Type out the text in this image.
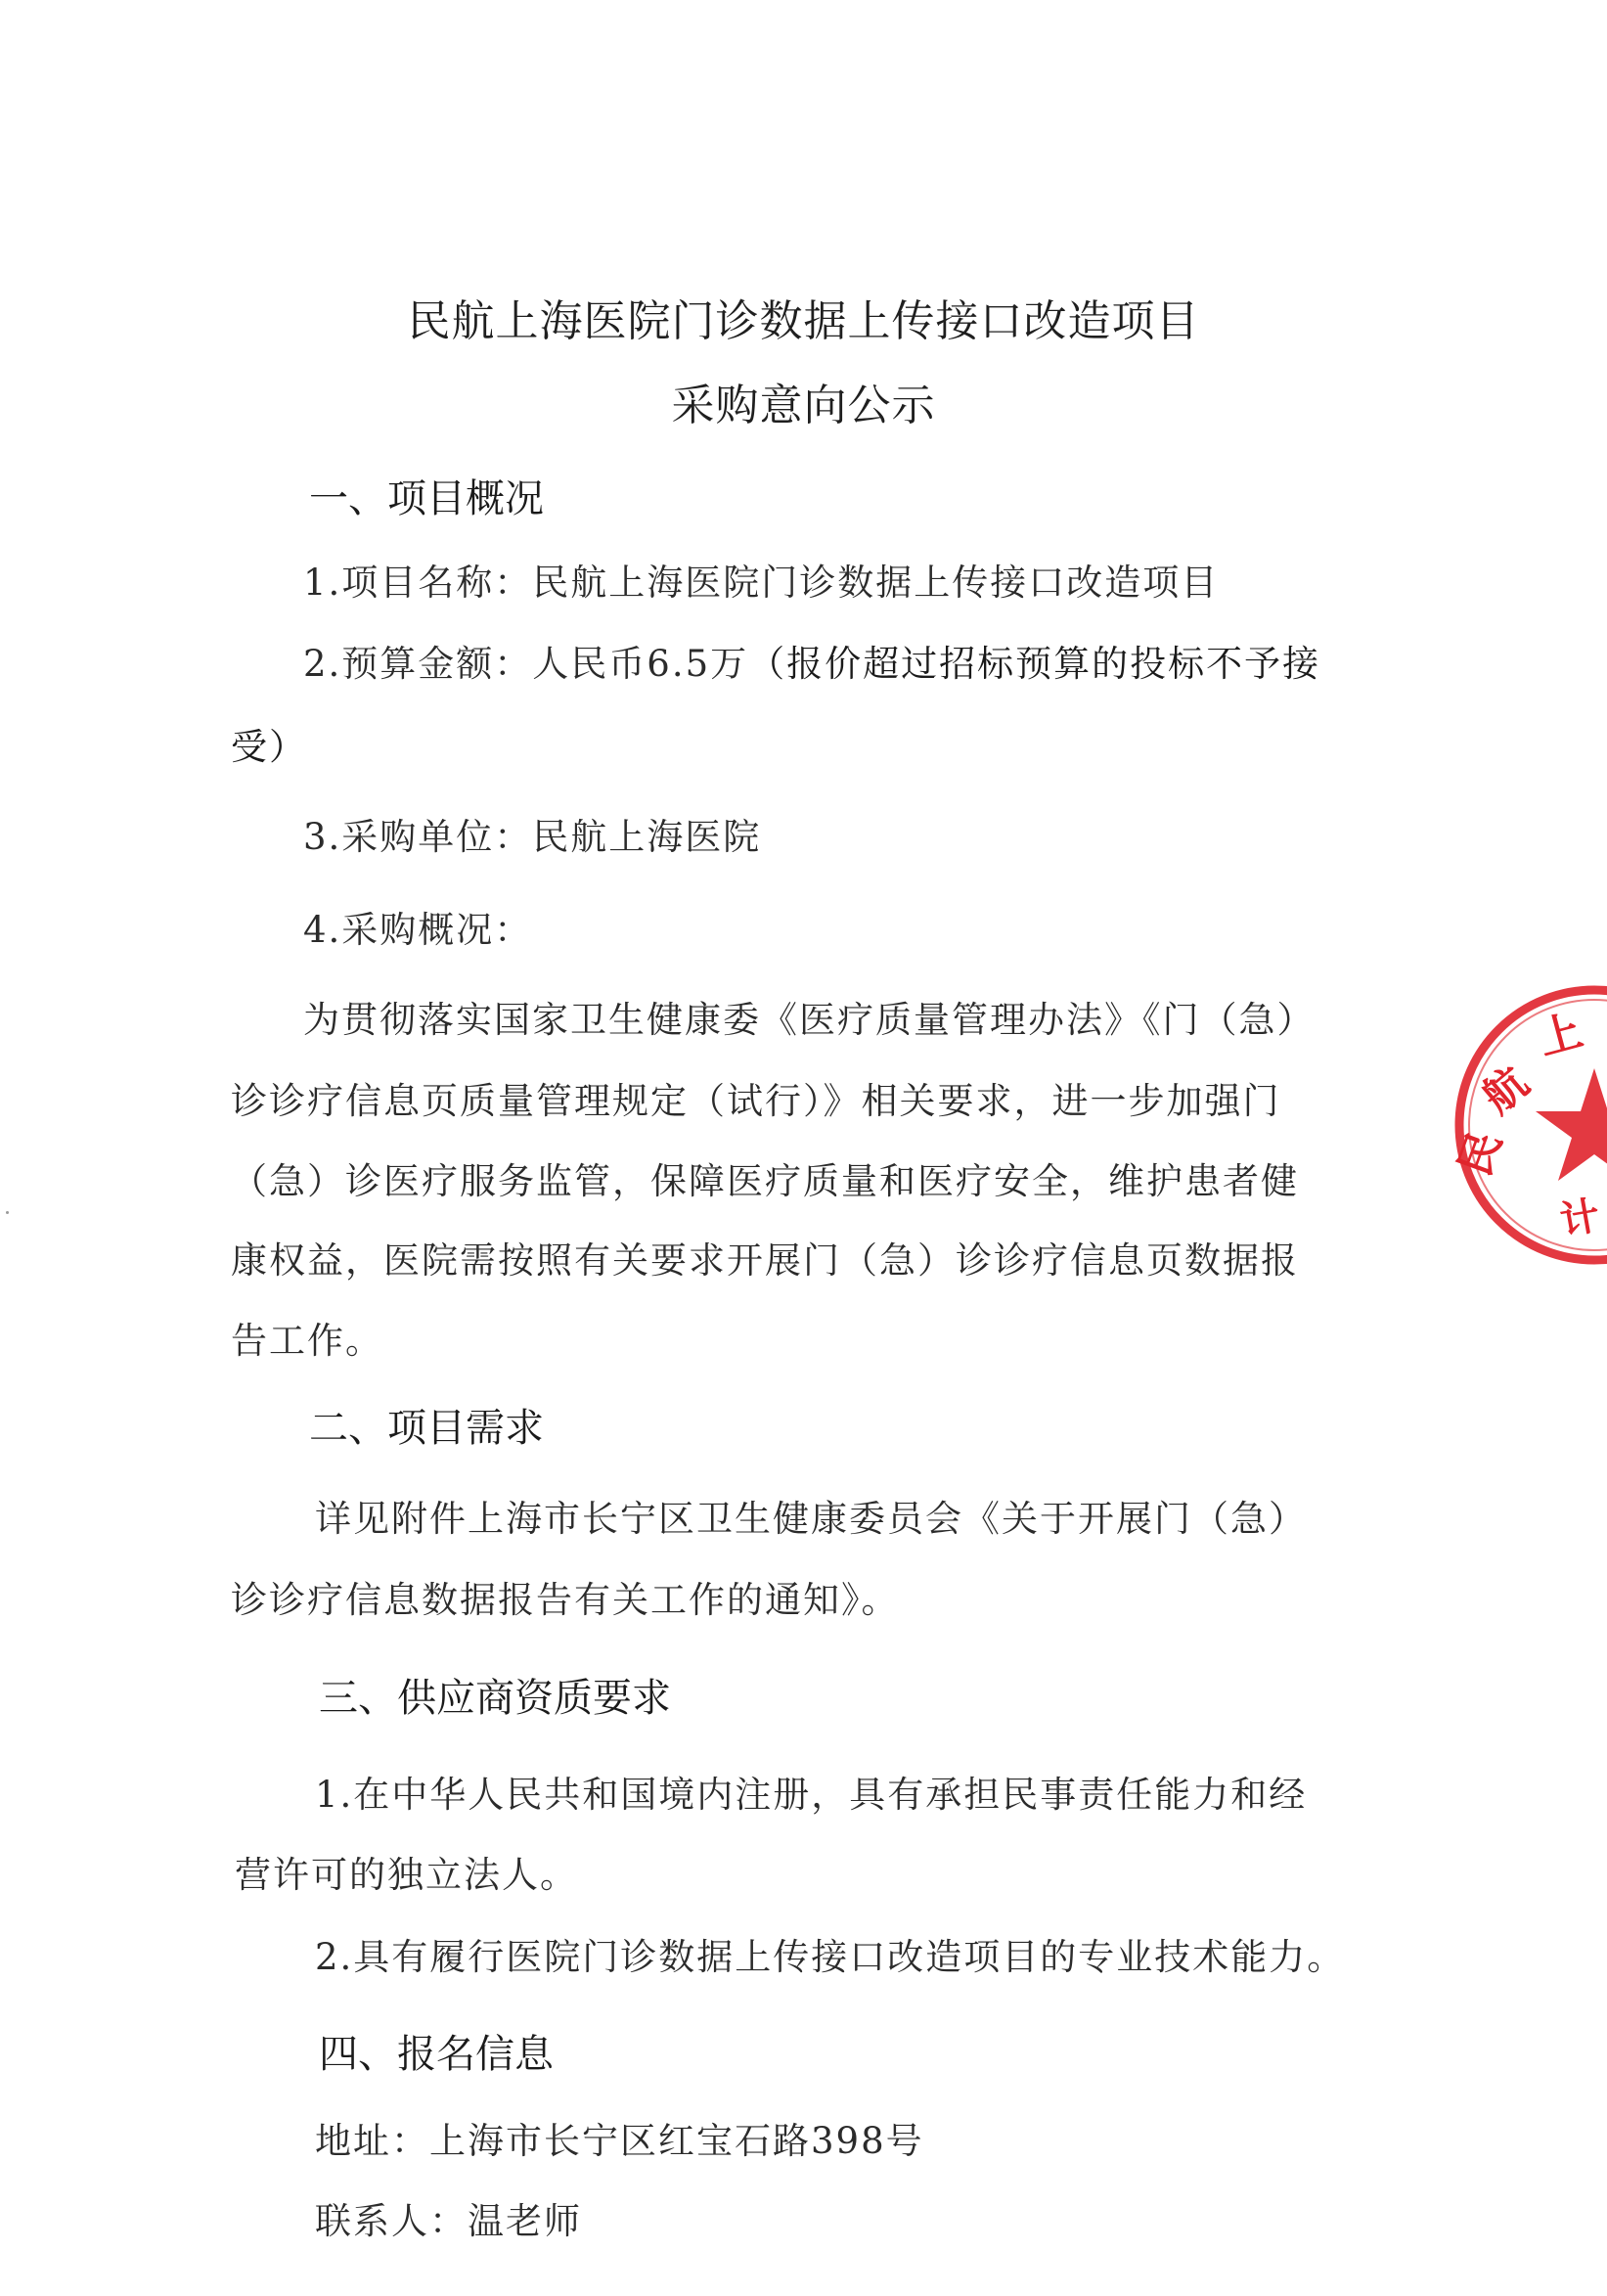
民航上海医院门诊数据上传接口改造项目
采购意向公示
一、项目概况
1.项目名称：民航上海医院门诊数据上传接口改造项目
2.预算金额：人民币6.5万（报价超过招标预算的投标不予接
受）
3.采购单位：民航上海医院
4.采购概况：
为贯彻落实国家卫生健康委《医疗质量管理办法》《门（急）
诊诊疗信息页质量管理规定（试行）》相关要求，进一步加强门
（急）诊医疗服务监管，保障医疗质量和医疗安全，维护患者健
康权益，医院需按照有关要求开展门（急）诊诊疗信息页数据报
告工作。
二、项目需求
详见附件上海市长宁区卫生健康委员会《关于开展门（急）
诊诊疗信息数据报告有关工作的通知》。
三、供应商资质要求
1.在中华人民共和国境内注册，具有承担民事责任能力和经
营许可的独立法人。
2.具有履行医院门诊数据上传接口改造项目的专业技术能力。
四、报名信息
地址：上海市长宁区红宝石路398号
联系人：温老师
民
航
上
计
